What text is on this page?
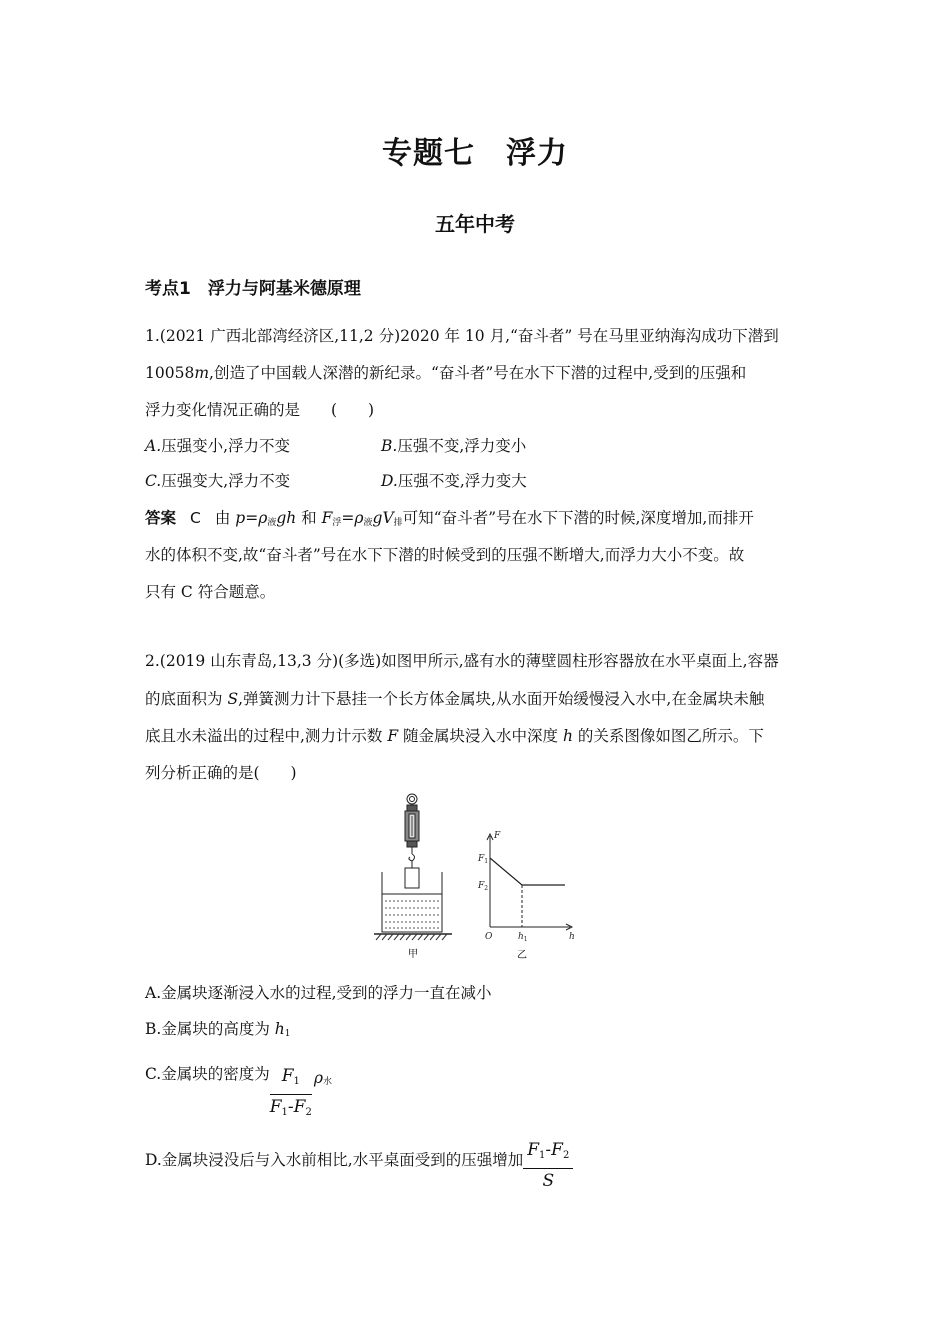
专题七　浮力
五年中考
考点1　浮力与阿基米德原理
1.(2021 广西北部湾经济区,11,2 分)2020 年 10 月,“奋斗者” 号在马里亚纳海沟成功下潜到
10058m,创造了中国载人深潜的新纪录。“奋斗者”号在水下下潜的过程中,受到的压强和
浮力变化情况正确的是　　(　　)
A.压强变小,浮力不变	B.压强不变,浮力变小
C.压强变大,浮力不变	D.压强不变,浮力变大
答案 C 由 $p=\rho_液gh$ 和 $F_浮=\rho_液gV_排$可知“奋斗者”号在水下下潜的时候,深度增加,而排开
水的体积不变,故“奋斗者”号在水下下潜的时候受到的压强不断增大,而浮力大小不变。故
只有 C 符合题意。
2.(2019 山东青岛,13,3 分)(多选)如图甲所示,盛有水的薄壁圆柱形容器放在水平桌面上,容器
的底面积为 S,弹簧测力计下悬挂一个长方体金属块,从水面开始缓慢浸入水中,在金属块未触
底且水未溢出的过程中,测力计示数 F 随金属块浸入水中深度 h 的关系图像如图乙所示。下
列分析正确的是(　　)
甲
F
h
O
$F_1$
$F_2$
$h_1$
乙
A.金属块逐渐浸入水的过程,受到的浮力一直在减小
B.金属块的高度为 $h_1$
C.金属块的密度为 $\frac{F1}{F1-F2} \rho^水$
D.金属块浸没后与入水前相比,水平桌面受到的压强增加 $\frac{F1-F2}{S}$
